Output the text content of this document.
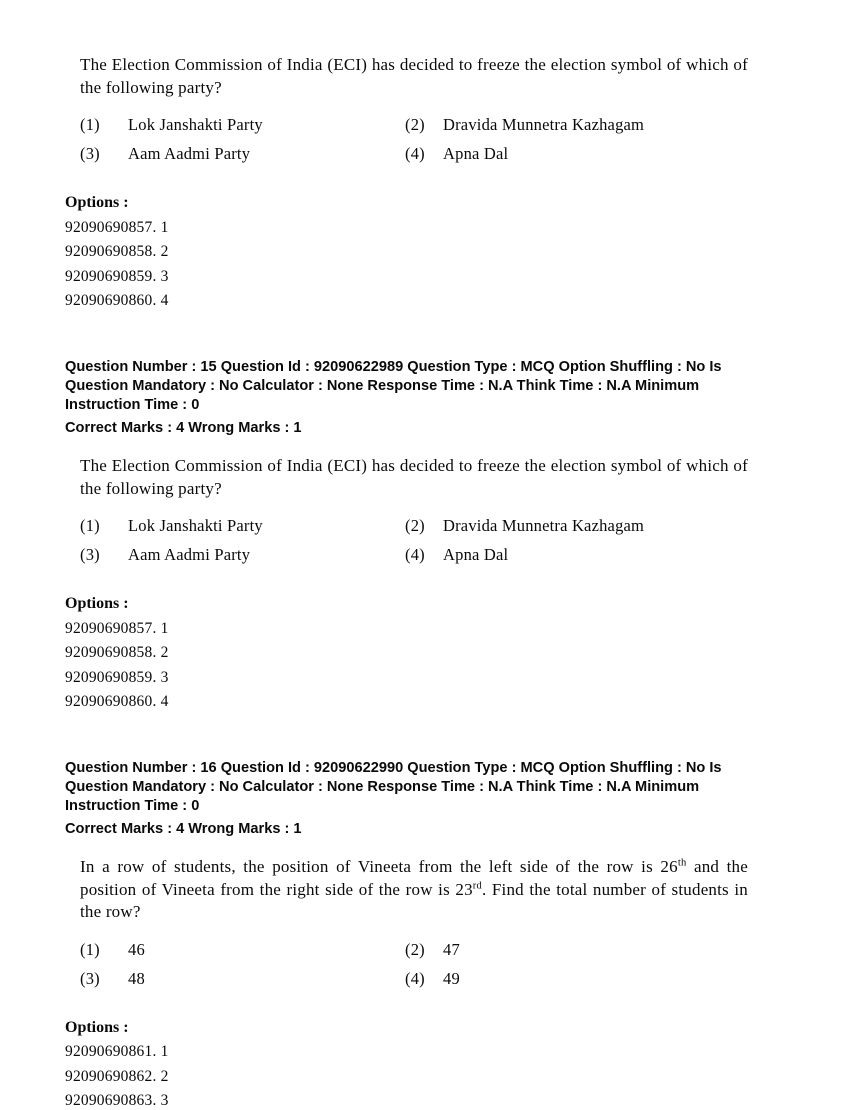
The Election Commission of India (ECI) has decided to freeze the election symbol of which of the following party?

(1)	Lok Janshakti Party	(2)	Dravida Munnetra Kazhagam
(3)	Aam Aadmi Party	(4)	Apna Dal

Options :

92090690857. 1

92090690858. 2

92090690859. 3

92090690860. 4

Question Number : 15 Question Id : 92090622989 Question Type : MCQ Option Shuffling : No Is Question Mandatory : No Calculator : None Response Time : N.A Think Time : N.A Minimum Instruction Time : 0

Correct Marks : 4 Wrong Marks : 1

The Election Commission of India (ECI) has decided to freeze the election symbol of which of the following party?

(1)	Lok Janshakti Party	(2)	Dravida Munnetra Kazhagam
(3)	Aam Aadmi Party	(4)	Apna Dal

Options :

92090690857. 1

92090690858. 2

92090690859. 3

92090690860. 4

Question Number : 16 Question Id : 92090622990 Question Type : MCQ Option Shuffling : No Is Question Mandatory : No Calculator : None Response Time : N.A Think Time : N.A Minimum Instruction Time : 0

Correct Marks : 4 Wrong Marks : 1

In a row of students, the position of Vineeta from the left side of the row is 26th and the position of Vineeta from the right side of the row is 23rd. Find the total number of students in the row?

(1)	46	(2)	47
(3)	48	(4)	49

Options :

92090690861. 1

92090690862. 2

92090690863. 3
